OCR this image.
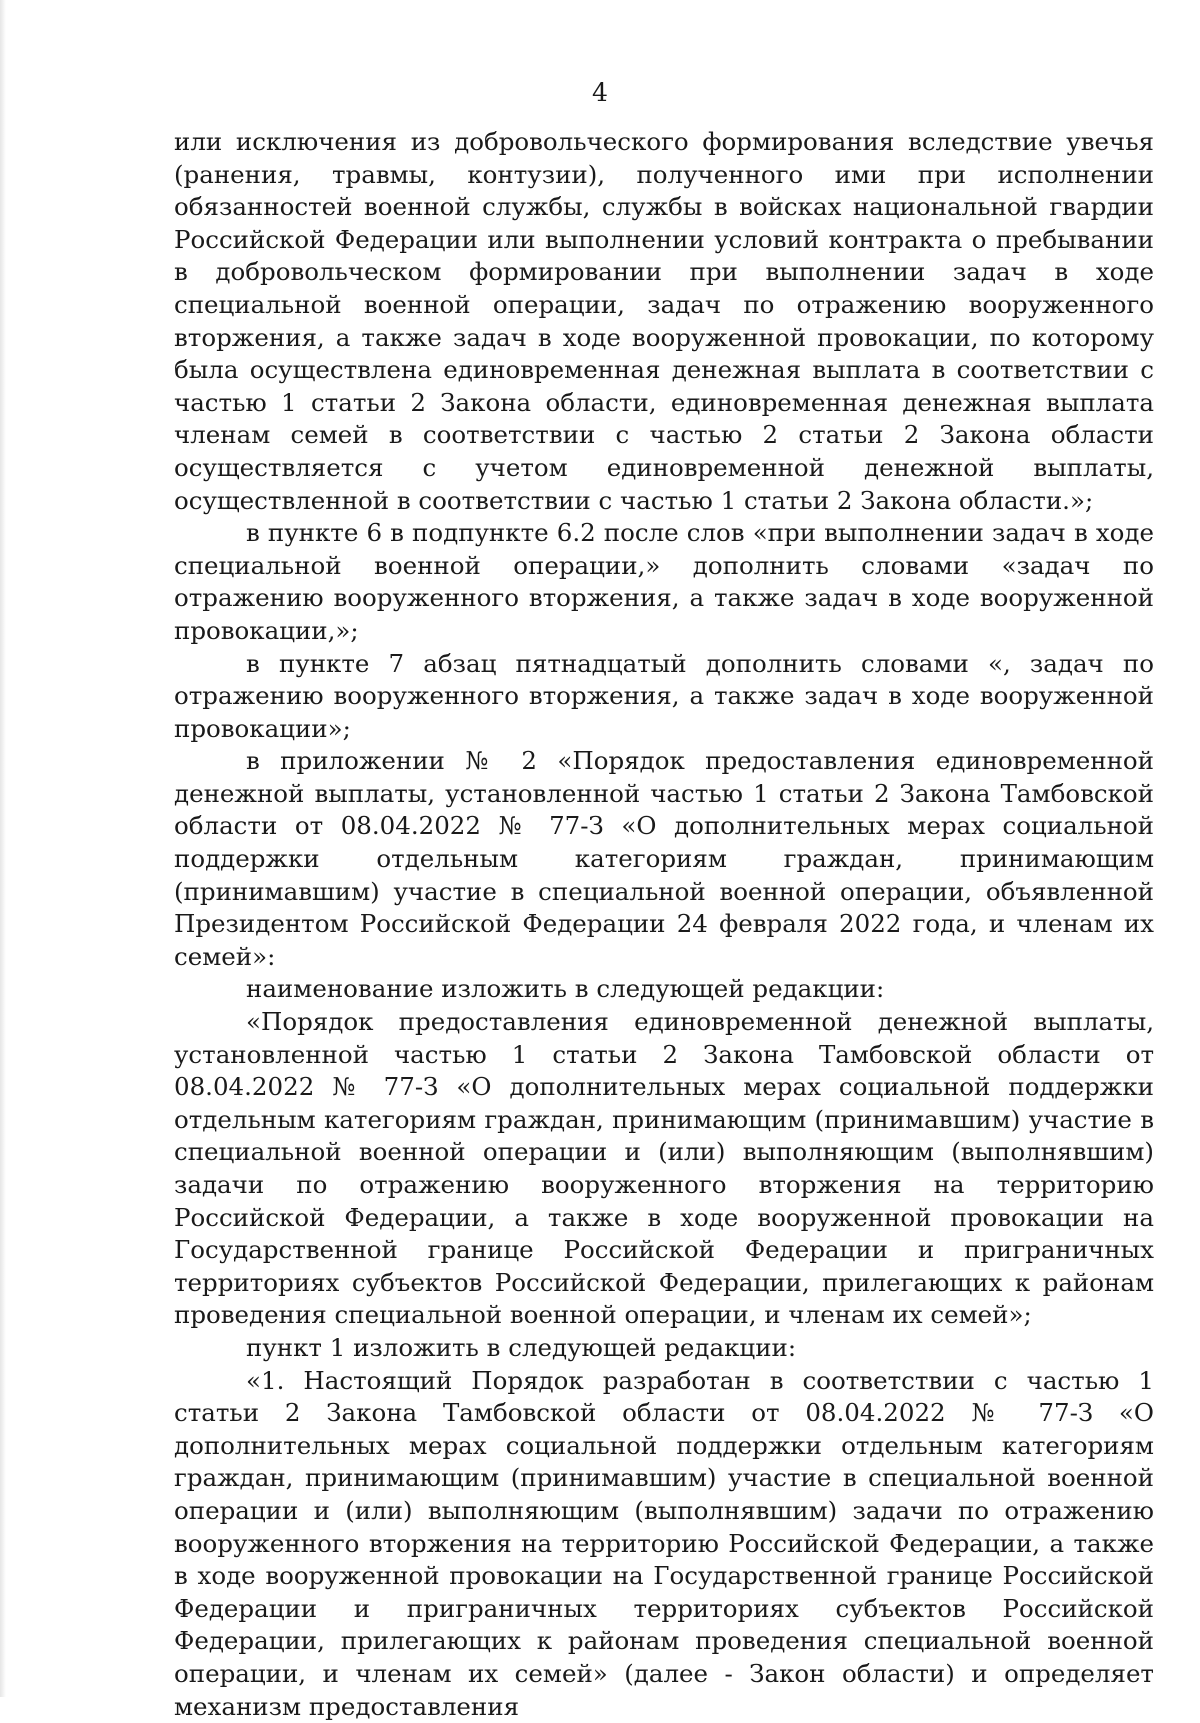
4

или исключения из добровольческого формирования вследствие увечья (ранения, травмы, контузии), полученного ими при исполнении обязанностей военной службы, службы в войсках национальной гвардии Российской Федерации или выполнении условий контракта о пребывании в добровольческом формировании при выполнении задач в ходе специальной военной операции, задач по отражению вооруженного вторжения, а также задач в ходе вооруженной провокации, по которому была осуществлена единовременная денежная выплата в соответствии с частью 1 статьи 2 Закона области, единовременная денежная выплата членам семей в соответствии с частью 2 статьи 2 Закона области осуществляется с учетом единовременной денежной выплаты, осуществленной в соответствии с частью 1 статьи 2 Закона области.»;

в пункте 6 в подпункте 6.2 после слов «при выполнении задач в ходе специальной военной операции,» дополнить словами «задач по отражению вооруженного вторжения, а также задач в ходе вооруженной провокации,»;

в пункте 7 абзац пятнадцатый дополнить словами «, задач по отражению вооруженного вторжения, а также задач в ходе вооруженной провокации»;

в приложении № 2 «Порядок предоставления единовременной денежной выплаты, установленной частью 1 статьи 2 Закона Тамбовской области от 08.04.2022 № 77-З «О дополнительных мерах социальной поддержки отдельным категориям граждан, принимающим (принимавшим) участие в специальной военной операции, объявленной Президентом Российской Федерации 24 февраля 2022 года, и членам их семей»:

наименование изложить в следующей редакции:

«Порядок предоставления единовременной денежной выплаты, установленной частью 1 статьи 2 Закона Тамбовской области от 08.04.2022 № 77-З «О дополнительных мерах социальной поддержки отдельным категориям граждан, принимающим (принимавшим) участие в специальной военной операции и (или) выполняющим (выполнявшим) задачи по отражению вооруженного вторжения на территорию Российской Федерации, а также в ходе вооруженной провокации на Государственной границе Российской Федерации и приграничных территориях субъектов Российской Федерации, прилегающих к районам проведения специальной военной операции, и членам их семей»;

пункт 1 изложить в следующей редакции:

«1. Настоящий Порядок разработан в соответствии с частью 1 статьи 2 Закона Тамбовской области от 08.04.2022 № 77-З «О дополнительных мерах социальной поддержки отдельным категориям граждан, принимающим (принимавшим) участие в специальной военной операции и (или) выполняющим (выполнявшим) задачи по отражению вооруженного вторжения на территорию Российской Федерации, а также в ходе вооруженной провокации на Государственной границе Российской Федерации и приграничных территориях субъектов Российской Федерации, прилегающих к районам проведения специальной военной операции, и членам их семей» (далее - Закон области) и определяет механизм предоставления
